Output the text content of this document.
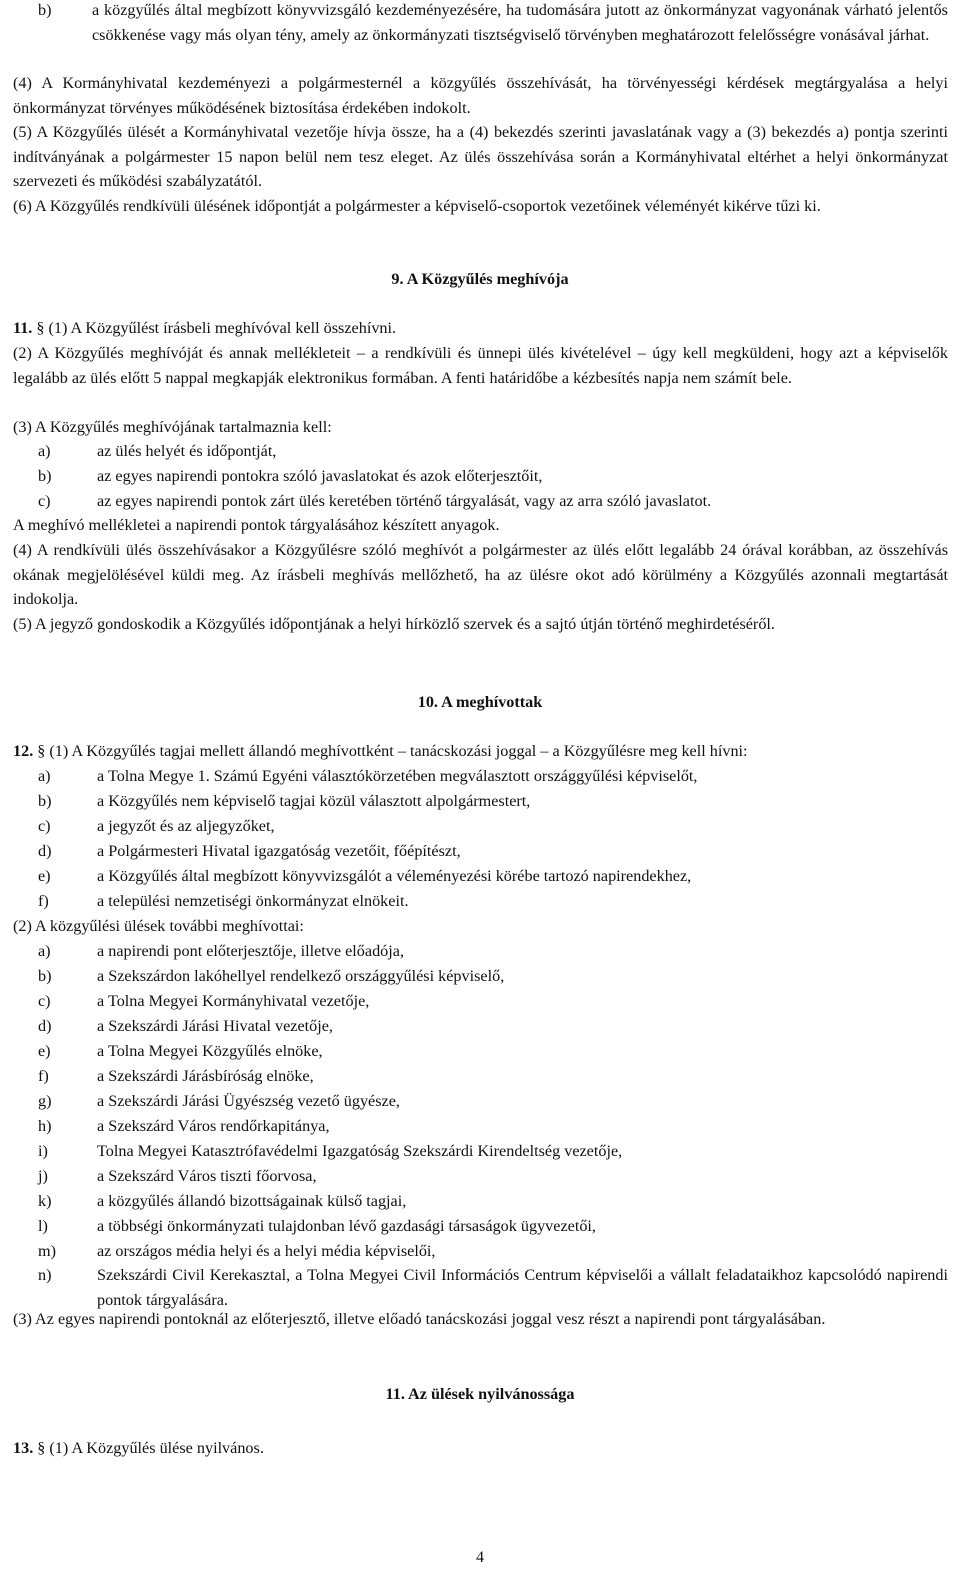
b)	a közgyűlés által megbízott könyvvizsgáló kezdeményezésére, ha tudomására jutott az önkormányzat vagyonának várható jelentős csökkenése vagy más olyan tény, amely az önkormányzati tisztségviselő törvényben meghatározott felelősségre vonásával járhat.

(4) A Kormányhivatal kezdeményezi a polgármesternél a közgyűlés összehívását, ha törvényességi kérdések megtárgyalása a helyi önkormányzat törvényes működésének biztosítása érdekében indokolt.

(5) A Közgyűlés ülését a Kormányhivatal vezetője hívja össze, ha a (4) bekezdés szerinti javaslatának vagy a (3) bekezdés a) pontja szerinti indítványának a polgármester 15 napon belül nem tesz eleget. Az ülés összehívása során a Kormányhivatal eltérhet a helyi önkormányzat szervezeti és működési szabályzatától.

(6) A Közgyűlés rendkívüli ülésének időpontját a polgármester a képviselő-csoportok vezetőinek véleményét kikérve tűzi ki.

9. A Közgyűlés meghívója
11. § (1) A Közgyűlést írásbeli meghívóval kell összehívni.

(2) A Közgyűlés meghívóját és annak mellékleteit – a rendkívüli és ünnepi ülés kivételével – úgy kell megküldeni, hogy azt a képviselők legalább az ülés előtt 5 nappal megkapják elektronikus formában. A fenti határidőbe a kézbesítés napja nem számít bele.

(3) A Közgyűlés meghívójának tartalmaznia kell:

a)	az ülés helyét és időpontját,
b)	az egyes napirendi pontokra szóló javaslatokat és azok előterjesztőit,
c)	az egyes napirendi pontok zárt ülés keretében történő tárgyalását, vagy az arra szóló javaslatot.

A meghívó mellékletei a napirendi pontok tárgyalásához készített anyagok.

(4) A rendkívüli ülés összehívásakor a Közgyűlésre szóló meghívót a polgármester az ülés előtt legalább 24 órával korábban, az összehívás okának megjelölésével küldi meg. Az írásbeli meghívás mellőzhető, ha az ülésre okot adó körülmény a Közgyűlés azonnali megtartását indokolja.

(5) A jegyző gondoskodik a Közgyűlés időpontjának a helyi hírközlő szervek és a sajtó útján történő meghirdetéséről.

10. A meghívottak
12. § (1) A Közgyűlés tagjai mellett állandó meghívottként – tanácskozási joggal – a Közgyűlésre meg kell hívni:
a)	a Tolna Megye 1. Számú Egyéni választókörzetében megválasztott országgyűlési képviselőt,
b)	a Közgyűlés nem képviselő tagjai közül választott alpolgármestert,
c)	a jegyzőt és az aljegyzőket,
d)	a Polgármesteri Hivatal igazgatóság vezetőit, főépítészt,
e)	a Közgyűlés által megbízott könyvvizsgálót a véleményezési körébe tartozó napirendekhez,
f)	a települési nemzetiségi önkormányzat elnökeit.

(2) A közgyűlési ülések további meghívottai:

a)	a napirendi pont előterjesztője, illetve előadója,
b)	a Szekszárdon lakóhellyel rendelkező országgyűlési képviselő,
c)	a Tolna Megyei Kormányhivatal vezetője,
d)	a Szekszárdi Járási Hivatal vezetője,
e)	a Tolna Megyei Közgyűlés elnöke,
f)	a Szekszárdi Járásbíróság elnöke,
g)	a Szekszárdi Járási Ügyészség vezető ügyésze,
h)	a Szekszárd Város rendőrkapitánya,
i)	Tolna Megyei Katasztrófavédelmi Igazgatóság Szekszárdi Kirendeltség vezetője,
j)	a Szekszárd Város tiszti főorvosa,
k)	a közgyűlés állandó bizottságainak külső tagjai,
l)	a többségi önkormányzati tulajdonban lévő gazdasági társaságok ügyvezetői,
m)	az országos média helyi és a helyi média képviselői,
n)	Szekszárdi Civil Kerekasztal, a Tolna Megyei Civil Információs Centrum képviselői a vállalt feladataikhoz kapcsolódó napirendi pontok tárgyalására.

(3) Az egyes napirendi pontoknál az előterjesztő, illetve előadó tanácskozási joggal vesz részt a napirendi pont tárgyalásában.

11. Az ülések nyilvánossága
13. § (1) A Közgyűlés ülése nyilvános.
4
